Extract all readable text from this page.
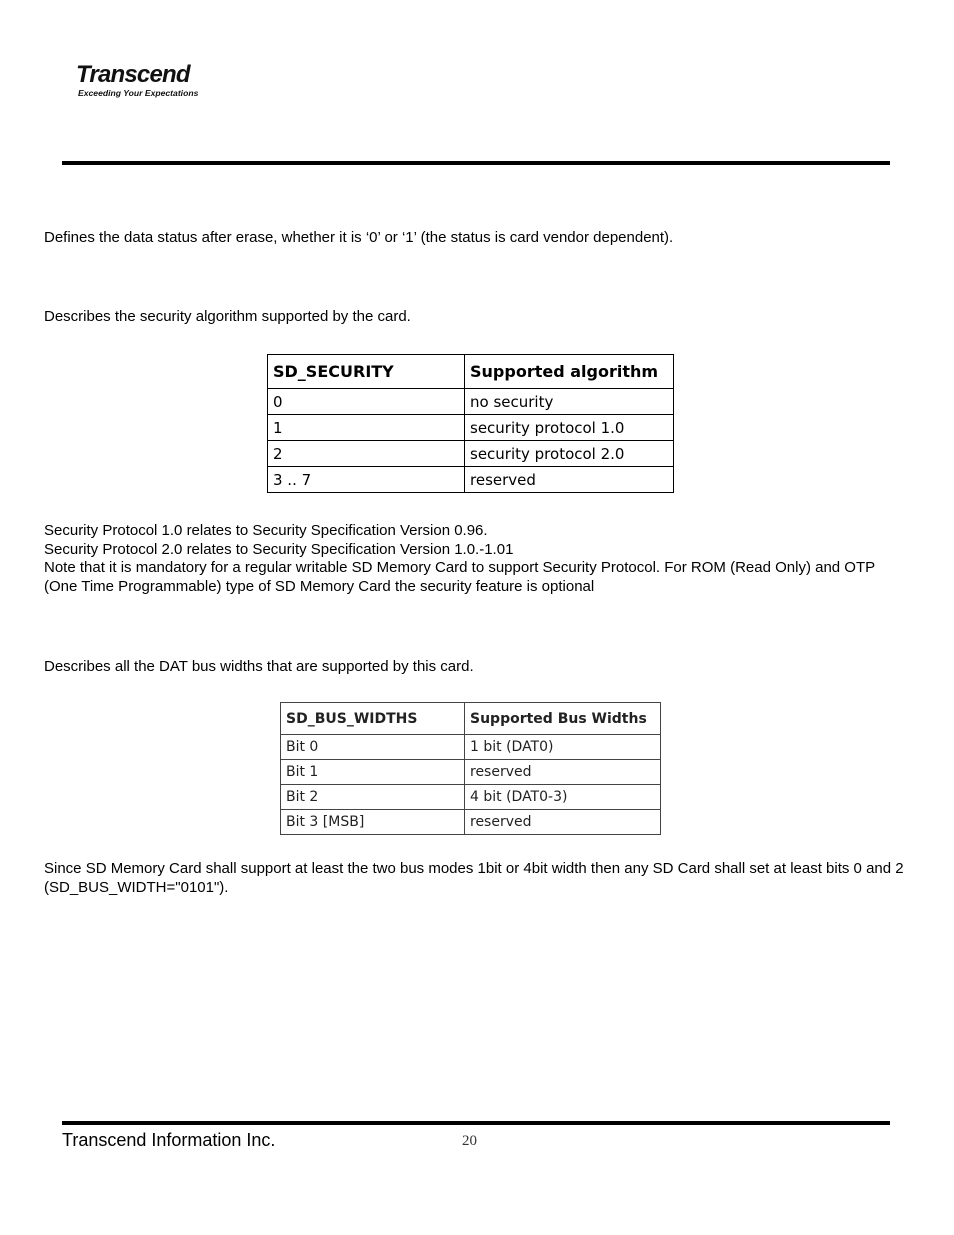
Transcend
Exceeding Your Expectations
Defines the data status after erase, whether it is ‘0’ or ‘1’ (the status is card vendor dependent).
Describes the security algorithm supported by the card.
SD_SECURITY	Supported algorithm
0	no security
1	security protocol 1.0
2	security protocol 2.0
3 .. 7	reserved
Security Protocol 1.0 relates to Security Specification Version 0.96.
Security Protocol 2.0 relates to Security Specification Version 1.0.-1.01
Note that it is mandatory for a regular writable SD Memory Card to support Security Protocol. For ROM (Read Only) and OTP (One Time Programmable) type of SD Memory Card the security feature is optional
Describes all the DAT bus widths that are supported by this card.
SD_BUS_WIDTHS	Supported Bus Widths
Bit 0	1 bit (DAT0)
Bit 1	reserved
Bit 2	4 bit (DAT0-3)
Bit 3 [MSB]	reserved
Since SD Memory Card shall support at least the two bus modes 1bit or 4bit width then any SD Card shall set at least bits 0 and 2 (SD_BUS_WIDTH="0101").
Transcend Information Inc.	20
